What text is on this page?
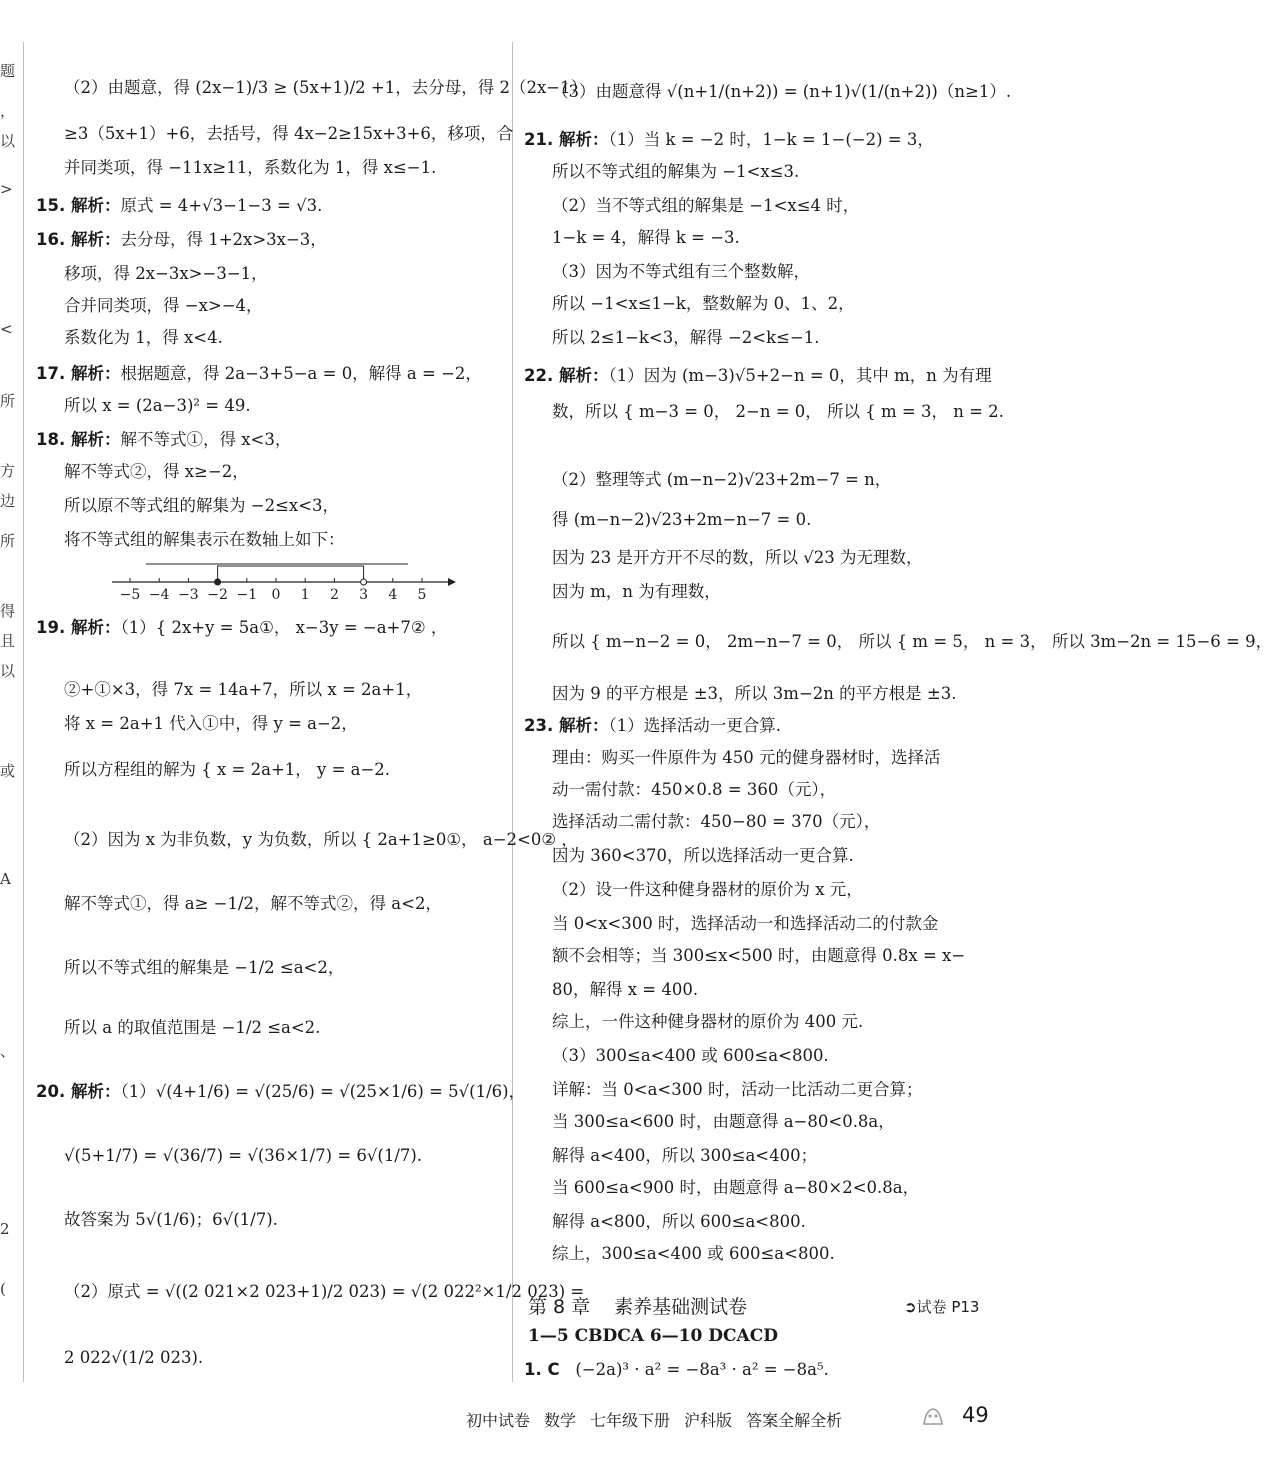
题
，
以
>
<
所
方
边
所
得
且
以
或
A
、
2
(
−5 −4 −3 −2 −1 0 1 2 3 4 5
（2）由题意，得 (2x−1)/3 ≥ (5x+1)/2 +1，去分母，得 2（2x−1）
≥3（5x+1）+6，去括号，得 4x−2≥15x+3+6，移项，合
并同类项，得 −11x≥11，系数化为 1，得 x≤−1.
15. 解析：原式 = 4+√3−1−3 = √3.
16. 解析：去分母，得 1+2x>3x−3，
移项，得 2x−3x>−3−1，
合并同类项，得 −x>−4，
系数化为 1，得 x<4.
17. 解析：根据题意，得 2a−3+5−a = 0，解得 a = −2，
所以 x = (2a−3)² = 49.
18. 解析：解不等式①，得 x<3，
解不等式②，得 x≥−2，
所以原不等式组的解集为 −2≤x<3，
将不等式组的解集表示在数轴上如下：
19. 解析：（1）{ 2x+y = 5a①， x−3y = −a+7② ，
②+①×3，得 7x = 14a+7，所以 x = 2a+1，
将 x = 2a+1 代入①中，得 y = a−2，
所以方程组的解为 { x = 2a+1， y = a−2.
（2）因为 x 为非负数，y 为负数，所以 { 2a+1≥0①， a−2<0② ，
解不等式①，得 a≥ −1/2，解不等式②，得 a<2，
所以不等式组的解集是 −1/2 ≤a<2，
所以 a 的取值范围是 −1/2 ≤a<2.
20. 解析：（1）√(4+1/6) = √(25/6) = √(25×1/6) = 5√(1/6)，
√(5+1/7) = √(36/7) = √(36×1/7) = 6√(1/7).
故答案为 5√(1/6)；6√(1/7).
（2）原式 = √((2 021×2 023+1)/2 023) = √(2 022²×1/2 023) =
2 022√(1/2 023).
第 8 章 素养基础测试卷	➲试卷 P13
1—5 CBDCA 6—10 DCACD
1. C (−2a)³ · a² = −8a³ · a² = −8a⁵.
（3）由题意得 √(n+1/(n+2)) = (n+1)√(1/(n+2))（n≥1）.
21. 解析：（1）当 k = −2 时，1−k = 1−(−2) = 3，
所以不等式组的解集为 −1<x≤3.
（2）当不等式组的解集是 −1<x≤4 时，
1−k = 4，解得 k = −3.
（3）因为不等式组有三个整数解，
所以 −1<x≤1−k，整数解为 0、1、2，
所以 2≤1−k<3，解得 −2<k≤−1.
22. 解析：（1）因为 (m−3)√5+2−n = 0，其中 m，n 为有理
数，所以 { m−3 = 0， 2−n = 0， 所以 { m = 3， n = 2.
（2）整理等式 (m−n−2)√23+2m−7 = n，
得 (m−n−2)√23+2m−n−7 = 0.
因为 23 是开方开不尽的数，所以 √23 为无理数，
因为 m，n 为有理数，
所以 { m−n−2 = 0， 2m−n−7 = 0， 所以 { m = 5， n = 3， 所以 3m−2n = 15−6 = 9，
因为 9 的平方根是 ±3，所以 3m−2n 的平方根是 ±3.
23. 解析：（1）选择活动一更合算.
理由：购买一件原件为 450 元的健身器材时，选择活
动一需付款：450×0.8 = 360（元），
选择活动二需付款：450−80 = 370（元），
因为 360<370，所以选择活动一更合算.
（2）设一件这种健身器材的原价为 x 元，
当 0<x<300 时，选择活动一和选择活动二的付款金
额不会相等；当 300≤x<500 时，由题意得 0.8x = x−
80，解得 x = 400.
综上，一件这种健身器材的原价为 400 元.
（3）300≤a<400 或 600≤a<800.
详解：当 0<a<300 时，活动一比活动二更合算；
当 300≤a<600 时，由题意得 a−80<0.8a，
解得 a<400，所以 300≤a<400；
当 600≤a<900 时，由题意得 a−80×2<0.8a，
解得 a<800，所以 600≤a<800.
综上，300≤a<400 或 600≤a<800.
初中试卷 数学 七年级下册 沪科版 答案全解全析	49
